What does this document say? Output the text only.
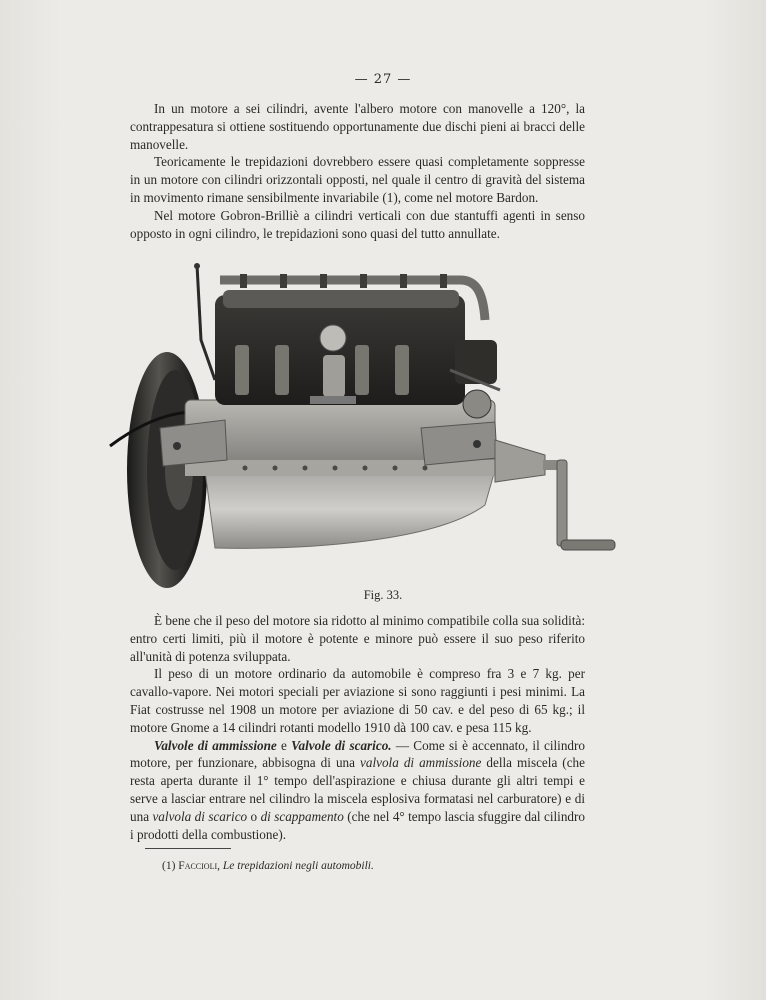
— 27 —

In un motore a sei cilindri, avente l'albero motore con manovelle a 120°, la contrappesatura si ottiene sostituendo opportunamente due dischi pieni ai bracci delle manovelle.

Teoricamente le trepidazioni dovrebbero essere quasi completamente soppresse in un motore con cilindri orizzontali opposti, nel quale il centro di gravità del sistema in movimento rimane sensibilmente invariabile (1), come nel motore Bardon.

Nel motore Gobron-Brilliè a cilindri verticali con due stantuffi agenti in senso opposto in ogni cilindro, le trepidazioni sono quasi del tutto annullate.

Fig. 33.

È bene che il peso del motore sia ridotto al minimo compatibile colla sua solidità: entro certi limiti, più il motore è potente e minore può essere il suo peso riferito all'unità di potenza sviluppata.

Il peso di un motore ordinario da automobile è compreso fra 3 e 7 kg. per cavallo-vapore. Nei motori speciali per aviazione si sono raggiunti i pesi minimi. La Fiat costrusse nel 1908 un motore per aviazione di 50 cav. e del peso di 65 kg.; il motore Gnome a 14 cilindri rotanti modello 1910 dà 100 cav. e pesa 115 kg.

Valvole di ammissione e Valvole di scarico. — Come si è accennato, il cilindro motore, per funzionare, abbisogna di una valvola di ammissione della miscela (che resta aperta durante il 1° tempo dell'aspirazione e chiusa durante gli altri tempi e serve a lasciar entrare nel cilindro la miscela esplosiva formatasi nel carburatore) e di una valvola di scarico o di scappamento (che nel 4° tempo lascia sfuggire dal cilindro i prodotti della combustione).

(1) Faccioli, Le trepidazioni negli automobili.
